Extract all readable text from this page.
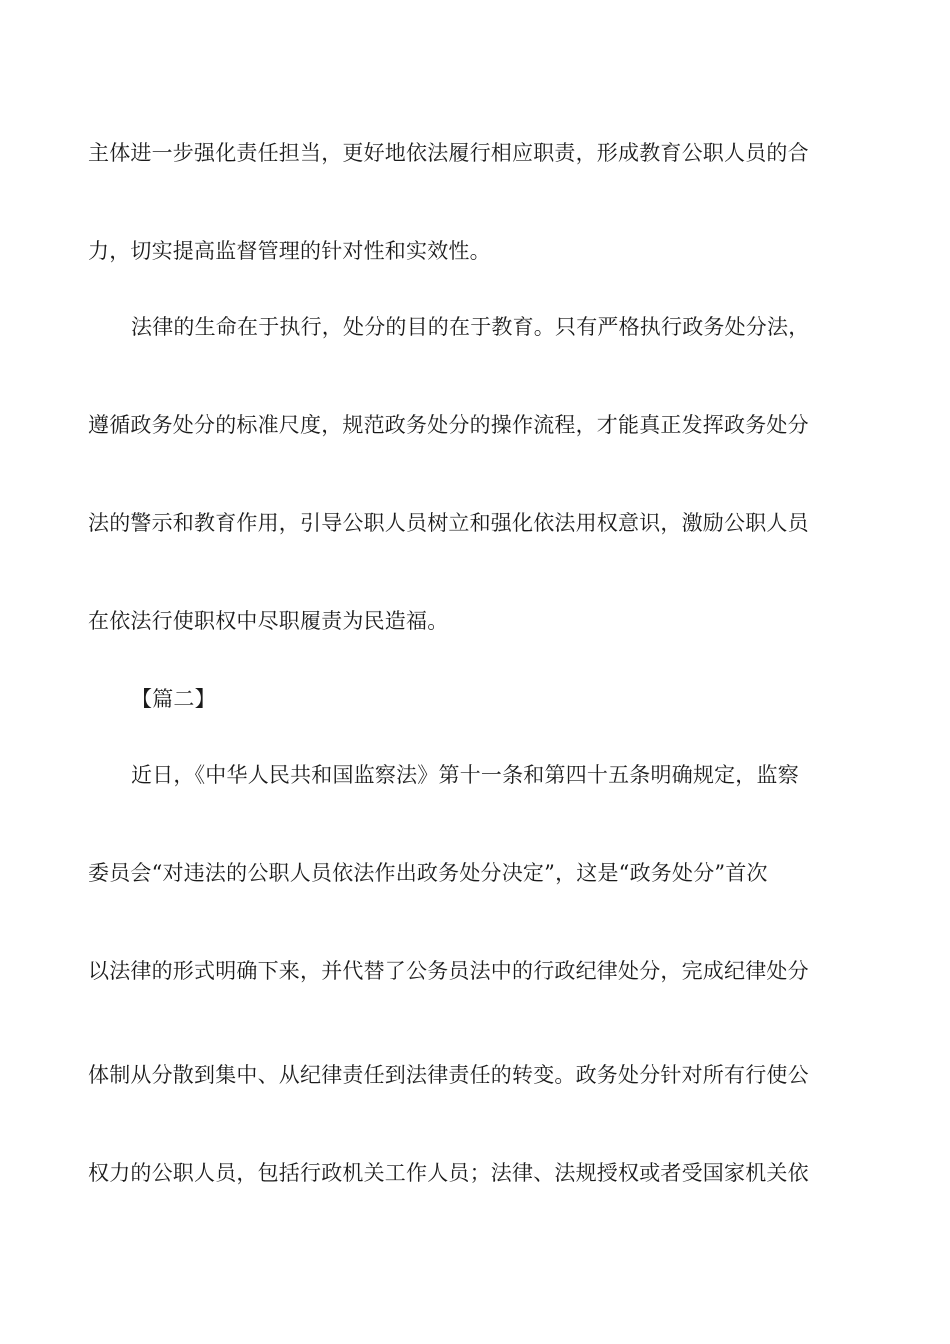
主体进一步强化责任担当，更好地依法履行相应职责，形成教育公职人员的合
力，切实提高监督管理的针对性和实效性。
法律的生命在于执行，处分的目的在于教育。只有严格执行政务处分法，
遵循政务处分的标准尺度，规范政务处分的操作流程，才能真正发挥政务处分
法的警示和教育作用，引导公职人员树立和强化依法用权意识，激励公职人员
在依法行使职权中尽职履责为民造福。
【篇二】
近日，《中华人民共和国监察法》第十一条和第四十五条明确规定，监察
委员会“对违法的公职人员依法作出政务处分决定”，这是“政务处分”首次
以法律的形式明确下来，并代替了公务员法中的行政纪律处分，完成纪律处分
体制从分散到集中、从纪律责任到法律责任的转变。政务处分针对所有行使公
权力的公职人员，包括行政机关工作人员；法律、法规授权或者受国家机关依
